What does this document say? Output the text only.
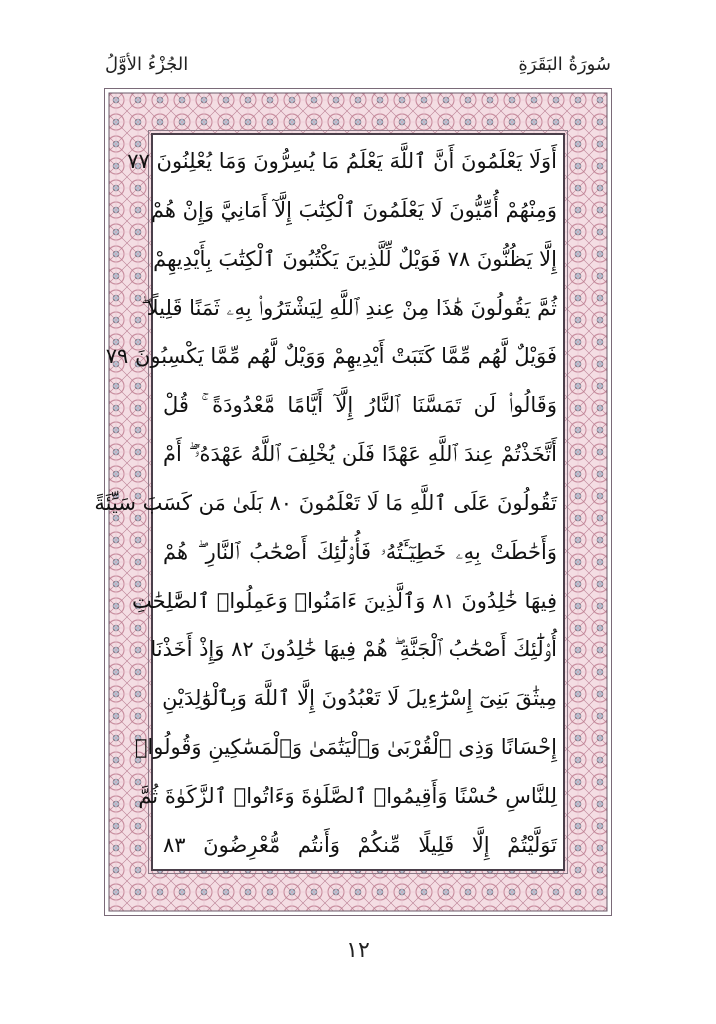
سُورَةُ البَقَرَةِ
الجُزْءُ الأوَّلُ
أَوَلَا يَعْلَمُونَ أَنَّ ٱللَّهَ يَعْلَمُ مَا يُسِرُّونَ وَمَا يُعْلِنُونَ ٧٧
وَمِنْهُمْ أُمِّيُّونَ لَا يَعْلَمُونَ ٱلْكِتَٰبَ إِلَّآ أَمَانِيَّ وَإِنْ هُمْ
إِلَّا يَظُنُّونَ ٧٨ فَوَيْلٌ لِّلَّذِينَ يَكْتُبُونَ ٱلْكِتَٰبَ بِأَيْدِيهِمْ
ثُمَّ يَقُولُونَ هَٰذَا مِنْ عِندِ ٱللَّهِ لِيَشْتَرُوا۟ بِهِۦ ثَمَنًا قَلِيلًا ۖ
فَوَيْلٌ لَّهُم مِّمَّا كَتَبَتْ أَيْدِيهِمْ وَوَيْلٌ لَّهُم مِّمَّا يَكْسِبُونَ ٧٩
وَقَالُوا۟ لَن تَمَسَّنَا ٱلنَّارُ إِلَّآ أَيَّامًا مَّعْدُودَةً ۚ قُلْ
أَتَّخَذْتُمْ عِندَ ٱللَّهِ عَهْدًا فَلَن يُخْلِفَ ٱللَّهُ عَهْدَهُۥٓ ۖ أَمْ
تَقُولُونَ عَلَى ٱللَّهِ مَا لَا تَعْلَمُونَ ٨٠ بَلَىٰ مَن كَسَبَ سَيِّئَةً
وَأَحَٰطَتْ بِهِۦ خَطِيٓـَٔتُهُۥ فَأُو۟لَٰٓئِكَ أَصْحَٰبُ ٱلنَّارِ ۖ هُمْ
فِيهَا خَٰلِدُونَ ٨١ وَٱلَّذِينَ ءَامَنُوا۟ وَعَمِلُوا۟ ٱلصَّٰلِحَٰتِ
أُو۟لَٰٓئِكَ أَصْحَٰبُ ٱلْجَنَّةِ ۖ هُمْ فِيهَا خَٰلِدُونَ ٨٢ وَإِذْ أَخَذْنَا
مِيثَٰقَ بَنِىٓ إِسْرَٰٓءِيلَ لَا تَعْبُدُونَ إِلَّا ٱللَّهَ وَبِٱلْوَٰلِدَيْنِ
إِحْسَانًا وَذِى ٱلْقُرْبَىٰ وَٱلْيَتَٰمَىٰ وَٱلْمَسَٰكِينِ وَقُولُوا۟
لِلنَّاسِ حُسْنًا وَأَقِيمُوا۟ ٱلصَّلَوٰةَ وَءَاتُوا۟ ٱلزَّكَوٰةَ ثُمَّ
تَوَلَّيْتُمْ إِلَّا قَلِيلًا مِّنكُمْ وَأَنتُم مُّعْرِضُونَ ٨٣
١٢
